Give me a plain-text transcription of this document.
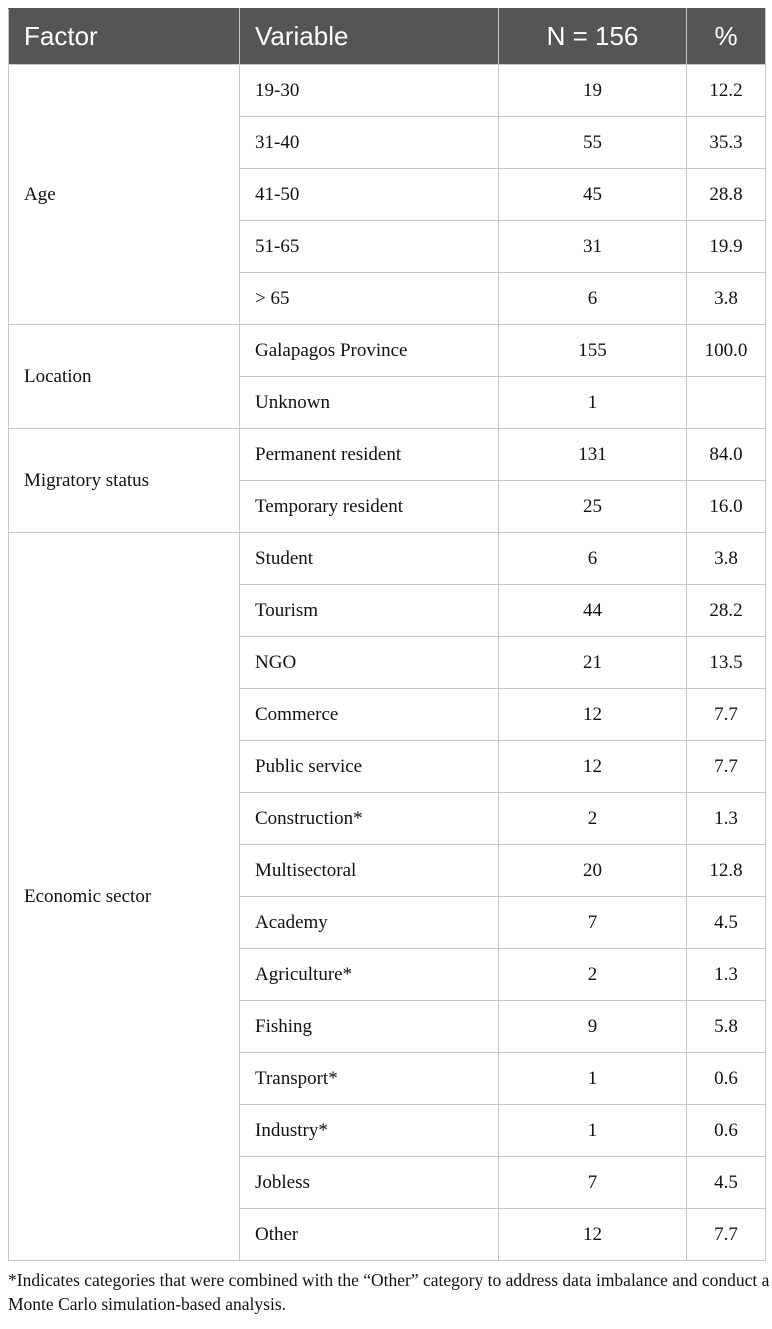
Factor	Variable	N = 156	%
Age	19-30	19	12.2
	31-40	55	35.3
	41-50	45	28.8
	51-65	31	19.9
	> 65	6	3.8
Location	Galapagos Province	155	100.0
	Unknown	1	
Migratory status	Permanent resident	131	84.0
	Temporary resident	25	16.0
Economic sector	Student	6	3.8
	Tourism	44	28.2
	NGO	21	13.5
	Commerce	12	7.7
	Public service	12	7.7
	Construction*	2	1.3
	Multisectoral	20	12.8
	Academy	7	4.5
	Agriculture*	2	1.3
	Fishing	9	5.8
	Transport*	1	0.6
	Industry*	1	0.6
	Jobless	7	4.5
	Other	12	7.7
*Indicates categories that were combined with the “Other” category to address data imbalance and conduct a Monte Carlo simulation-based analysis.
